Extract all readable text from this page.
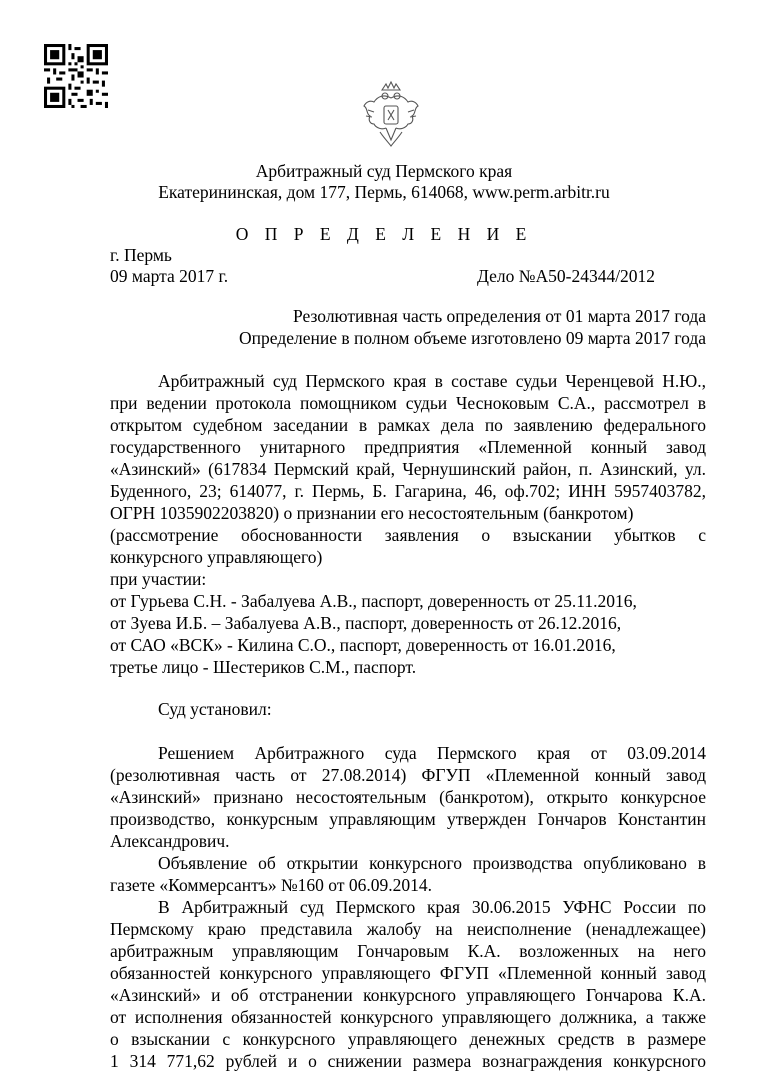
Арбитражный суд Пермского края
Екатерининская, дом 177, Пермь, 614068, www.perm.arbitr.ru
О П Р Е Д Е Л Е Н И Е
г. Пермь
09 марта 2017 г.	Дело №А50-24344/2012
Резолютивная часть определения от 01 марта 2017 года
Определение в полном объеме изготовлено 09 марта 2017 года
Арбитражный суд Пермского края в составе судьи Черенцевой Н.Ю.,
при ведении протокола помощником судьи Чесноковым С.А., рассмотрел в
открытом судебном заседании в рамках дела по заявлению федерального
государственного унитарного предприятия «Племенной конный завод
«Азинский» (617834 Пермский край, Чернушинский район, п. Азинский, ул.
Буденного, 23; 614077, г. Пермь, Б. Гагарина, 46, оф.702; ИНН 5957403782,
ОГРН 1035902203820) о признании его несостоятельным (банкротом)
(рассмотрение обоснованности заявления о взыскании убытков с
конкурсного управляющего)
при участии:
от Гурьева С.Н. - Забалуева А.В., паспорт, доверенность от 25.11.2016,
от Зуева И.Б. – Забалуева А.В., паспорт, доверенность от 26.12.2016,
от САО «ВСК» - Килина С.О., паспорт, доверенность от 16.01.2016,
третье лицо - Шестериков С.М., паспорт.
Суд установил:
Решением Арбитражного суда Пермского края от 03.09.2014
(резолютивная часть от 27.08.2014) ФГУП «Племенной конный завод
«Азинский» признано несостоятельным (банкротом), открыто конкурсное
производство, конкурсным управляющим утвержден Гончаров Константин
Александрович.
Объявление об открытии конкурсного производства опубликовано в
газете «Коммерсантъ» №160 от 06.09.2014.
В Арбитражный суд Пермского края 30.06.2015 УФНС России по
Пермскому краю представила жалобу на неисполнение (ненадлежащее)
арбитражным управляющим Гончаровым К.А. возложенных на него
обязанностей конкурсного управляющего ФГУП «Племенной конный завод
«Азинский» и об отстранении конкурсного управляющего Гончарова К.А.
от исполнения обязанностей конкурсного управляющего должника, а также
о взыскании с конкурсного управляющего денежных средств в размере
1 314 771,62 рублей и о снижении размера вознаграждения конкурсного
